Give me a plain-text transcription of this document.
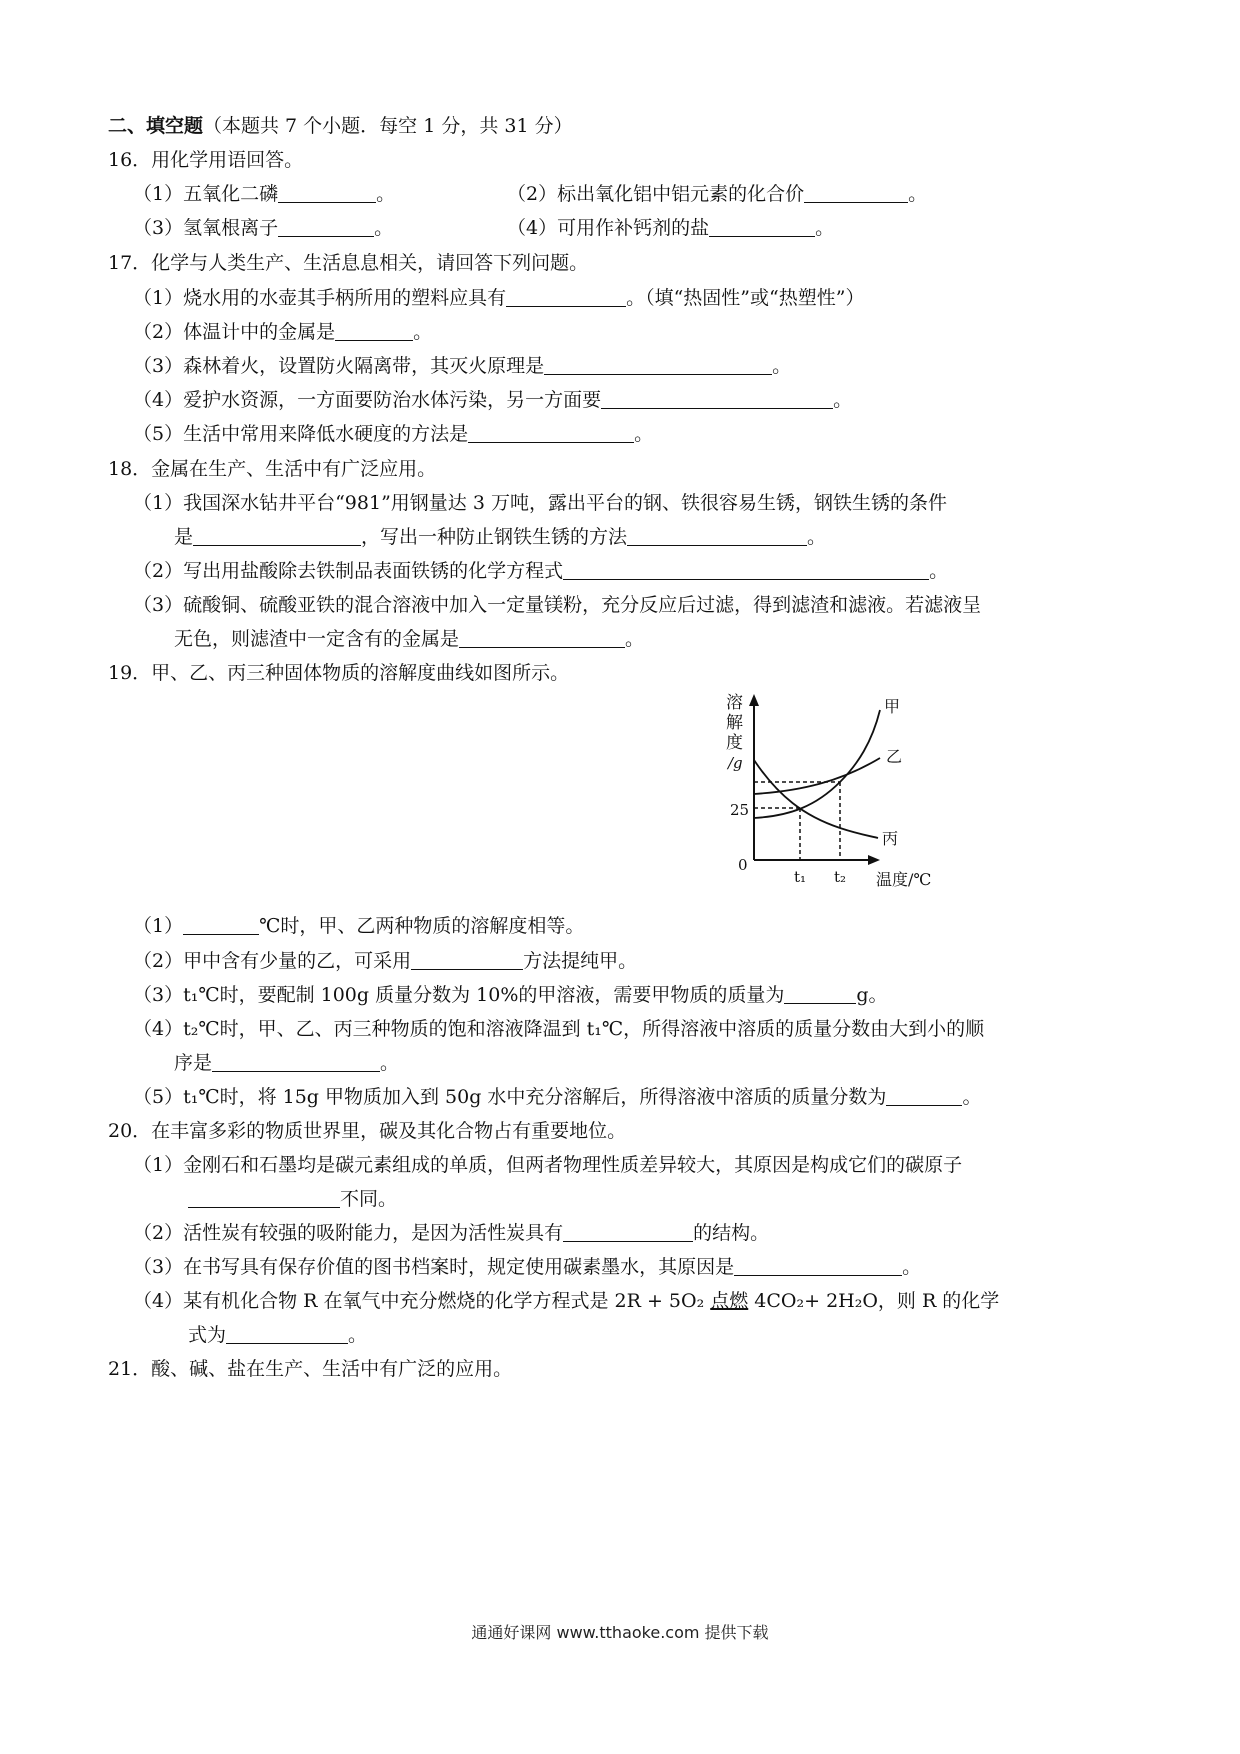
二、填空题（本题共 7 个小题．每空 1 分，共 31 分）
16．用化学用语回答。
（1）五氧化二磷	。	（2）标出氧化铝中铝元素的化合价	。
（3）氢氧根离子	。	（4）可用作补钙剂的盐	。
17．化学与人类生产、生活息息相关，请回答下列问题。
（1）烧水用的水壶其手柄所用的塑料应具有	。（填“热固性”或“热塑性”）
（2）体温计中的金属是	。
（3）森林着火，设置防火隔离带，其灭火原理是	。
（4）爱护水资源，一方面要防治水体污染，另一方面要	。
（5）生活中常用来降低水硬度的方法是	。
18．金属在生产、生活中有广泛应用。
（1）我国深水钻井平台“981”用钢量达 3 万吨，露出平台的钢、铁很容易生锈，钢铁生锈的条件
是	，写出一种防止钢铁生锈的方法	。
（2）写出用盐酸除去铁制品表面铁锈的化学方程式	。
（3）硫酸铜、硫酸亚铁的混合溶液中加入一定量镁粉，充分反应后过滤，得到滤渣和滤液。若滤液呈
无色，则滤渣中一定含有的金属是	。
19．甲、乙、丙三种固体物质的溶解度曲线如图所示。
溶
解
度
/g
25
0
甲
乙
丙
t₁ t₂ 温度/℃
（1）	℃时，甲、乙两种物质的溶解度相等。
（2）甲中含有少量的乙，可采用	方法提纯甲。
（3）t₁℃时，要配制 100g 质量分数为 10%的甲溶液，需要甲物质的质量为	g。
（4）t₂℃时，甲、乙、丙三种物质的饱和溶液降温到 t₁℃，所得溶液中溶质的质量分数由大到小的顺
序是	。
（5）t₁℃时，将 15g 甲物质加入到 50g 水中充分溶解后，所得溶液中溶质的质量分数为	。
20．在丰富多彩的物质世界里，碳及其化合物占有重要地位。
（1）金刚石和石墨均是碳元素组成的单质，但两者物理性质差异较大，其原因是构成它们的碳原子
不同。
（2）活性炭有较强的吸附能力，是因为活性炭具有	的结构。
（3）在书写具有保存价值的图书档案时，规定使用碳素墨水，其原因是	。
（4）某有机化合物 R 在氧气中充分燃烧的化学方程式是 2R + 5O₂ 点燃 4CO₂+ 2H₂O，则 R 的化学
式为	。
21．酸、碱、盐在生产、生活中有广泛的应用。
通通好课网 www.tthaoke.com 提供下载
